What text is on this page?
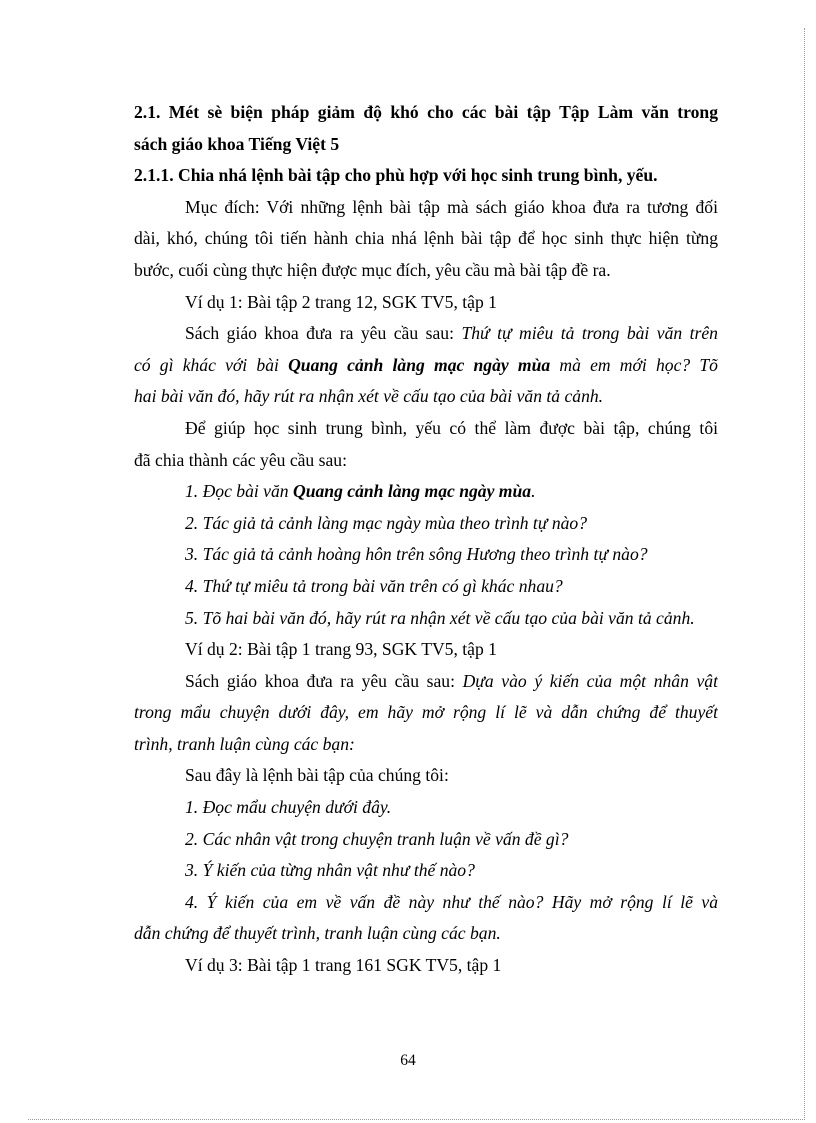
2.1. Mét sè biện pháp giảm độ khó cho các bài tập Tập Làm văn trong
sách giáo khoa Tiếng Việt 5
2.1.1. Chia nhá lệnh bài tập cho phù hợp với học sinh trung bình, yếu.
Mục đích: Với những lệnh bài tập mà sách giáo khoa đưa ra tương đối
dài, khó, chúng tôi tiến hành chia nhá lệnh bài tập để học sinh thực hiện từng
bước, cuối cùng thực hiện được mục đích, yêu cầu mà bài tập đề ra.
Ví dụ 1: Bài tập 2 trang 12, SGK TV5, tập 1
Sách giáo khoa đưa ra yêu cầu sau: Thứ tự miêu tả trong bài văn trên
có gì khác với bài Quang cảnh làng mạc ngày mùa mà em mới học? Tõ
hai bài văn đó, hãy rút ra nhận xét về cấu tạo của bài văn tả cảnh.
Để giúp học sinh trung bình, yếu có thể làm được bài tập, chúng tôi
đã chia thành các yêu cầu sau:
1. Đọc bài văn Quang cảnh làng mạc ngày mùa.
2. Tác giả tả cảnh làng mạc ngày mùa theo trình tự nào?
3. Tác giả tả cảnh hoàng hôn trên sông Hương theo trình tự nào?
4. Thứ tự miêu tả trong bài văn trên có gì khác nhau?
5. Tõ hai bài văn đó, hãy rút ra nhận xét về cấu tạo của bài văn tả cảnh.
Ví dụ 2: Bài tập 1 trang 93, SGK TV5, tập 1
Sách giáo khoa đưa ra yêu cầu sau: Dựa vào ý kiến của một nhân vật
trong mẩu chuyện dưới đây, em hãy mở rộng lí lẽ và dẫn chứng để thuyết
trình, tranh luận cùng các bạn:
Sau đây là lệnh bài tập của chúng tôi:
1. Đọc mẩu chuyện dưới đây.
2. Các nhân vật trong chuyện tranh luận về vấn đề gì?
3. Ý kiến của từng nhân vật như thế nào?
4. Ý kiến của em về vấn đề này như thế nào? Hãy mở rộng lí lẽ và
dẫn chứng để thuyết trình, tranh luận cùng các bạn.
Ví dụ 3: Bài tập 1 trang 161 SGK TV5, tập 1
64
